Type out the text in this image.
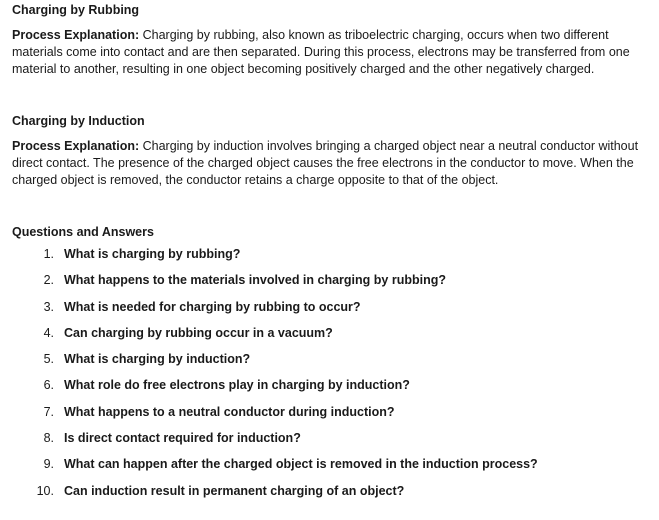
Charging by Rubbing

Process Explanation: Charging by rubbing, also known as triboelectric charging, occurs when two different materials come into contact and are then separated. During this process, electrons may be transferred from one material to another, resulting in one object becoming positively charged and the other negatively charged.

Charging by Induction

Process Explanation: Charging by induction involves bringing a charged object near a neutral conductor without direct contact. The presence of the charged object causes the free electrons in the conductor to move. When the charged object is removed, the conductor retains a charge opposite to that of the object.

Questions and Answers
1. What is charging by rubbing?
2. What happens to the materials involved in charging by rubbing?
3. What is needed for charging by rubbing to occur?
4. Can charging by rubbing occur in a vacuum?
5. What is charging by induction?
6. What role do free electrons play in charging by induction?
7. What happens to a neutral conductor during induction?
8. Is direct contact required for induction?
9. What can happen after the charged object is removed in the induction process?
10. Can induction result in permanent charging of an object?
